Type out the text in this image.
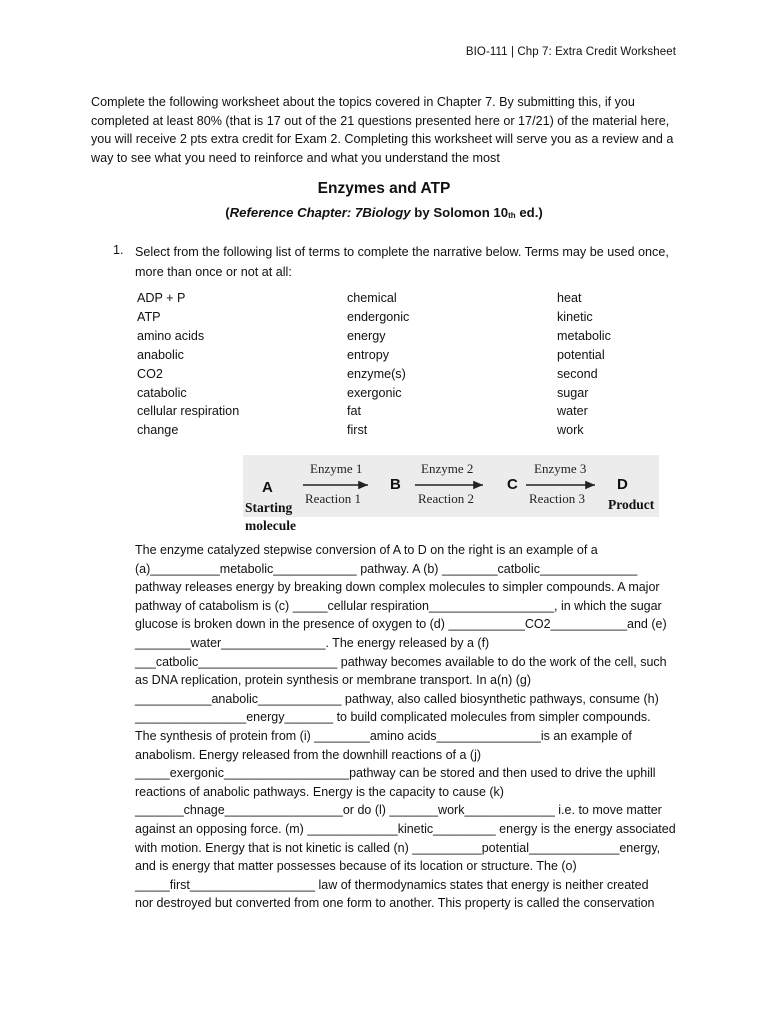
BIO-111 | Chp 7: Extra Credit Worksheet
Complete the following worksheet about the topics covered in Chapter 7. By submitting this, if you completed at least 80% (that is 17 out of the 21 questions presented here or 17/21) of the material here, you will receive 2 pts extra credit for Exam 2. Completing this worksheet will serve you as a review and a way to see what you need to reinforce and what you understand the most
Enzymes and ATP
(Reference Chapter: 7Biology by Solomon $10_{th}$ ed.)
1. Select from the following list of terms to complete the narrative below. Terms may be used once, more than once or not at all:
ADP + P	chemical	heat
ATP	endergonic	kinetic
amino acids	energy	metabolic
anabolic	entropy	potential
CO2	enzyme(s)	second
catabolic	exergonic	sugar
cellular respiration	fat	water
change	first	work
A	B	C	D
Enzyme 1	Enzyme 2	Enzyme 3
Reaction 1	Reaction 2	Reaction 3
Starting
molecule
Product
The enzyme catalyzed stepwise conversion of A to D on the right is an example of a
(a)__________metabolic____________ pathway. A (b) ________catbolic______________
pathway releases energy by breaking down complex molecules to simpler compounds. A major
pathway of catabolism is (c) _____cellular respiration__________________, in which the sugar
glucose is broken down in the presence of oxygen to (d) ___________CO2___________and (e)
________water_______________. The energy released by a (f)
___catbolic____________________ pathway becomes available to do the work of the cell, such
as DNA replication, protein synthesis or membrane transport. In a(n) (g)
___________anabolic____________ pathway, also called biosynthetic pathways, consume (h)
________________energy_______ to build complicated molecules from simpler compounds.
The synthesis of protein from (i) ________amino acids_______________is an example of
anabolism. Energy released from the downhill reactions of a (j)
_____exergonic__________________pathway can be stored and then used to drive the uphill
reactions of anabolic pathways. Energy is the capacity to cause (k)
_______chnage_________________or do (l) _______work_____________ i.e. to move matter
against an opposing force. (m) _____________kinetic_________ energy is the energy associated
with motion. Energy that is not kinetic is called (n) __________potential_____________energy,
and is energy that matter possesses because of its location or structure. The (o)
_____first__________________ law of thermodynamics states that energy is neither created
nor destroyed but converted from one form to another. This property is called the conservation
